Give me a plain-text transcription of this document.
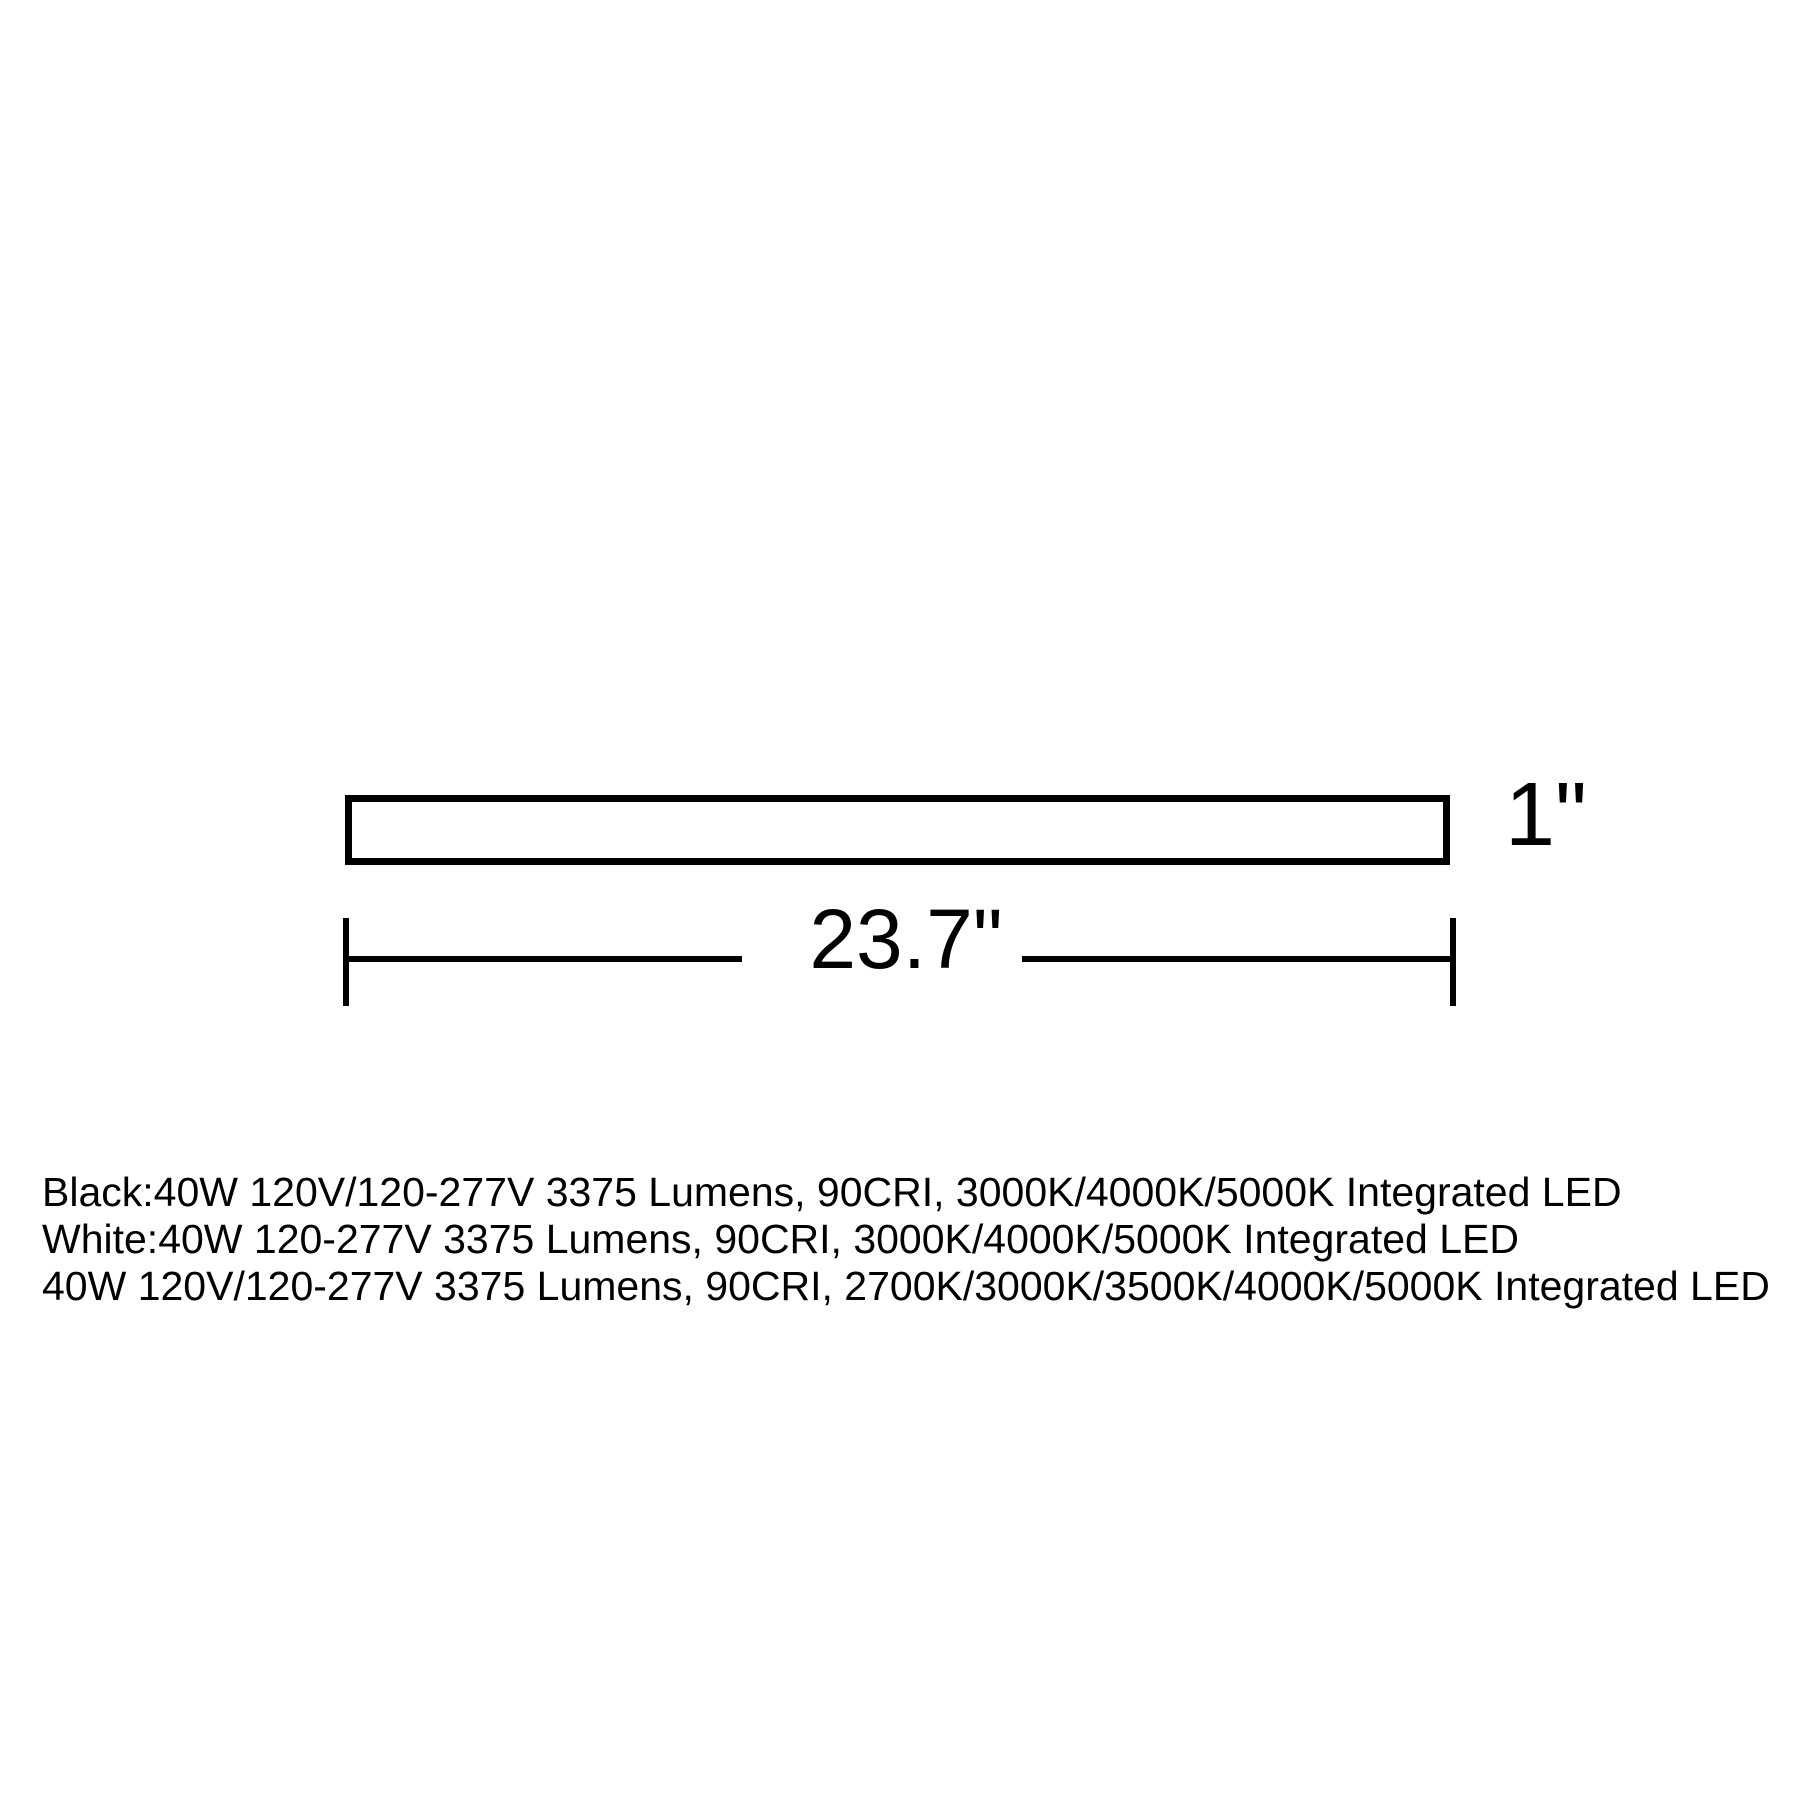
1"
23.7"
Black:40W 120V/120-277V 3375 Lumens, 90CRI, 3000K/4000K/5000K Integrated LED
White:40W 120-277V 3375 Lumens, 90CRI, 3000K/4000K/5000K Integrated LED
40W 120V/120-277V 3375 Lumens, 90CRI, 2700K/3000K/3500K/4000K/5000K Integrated LED
